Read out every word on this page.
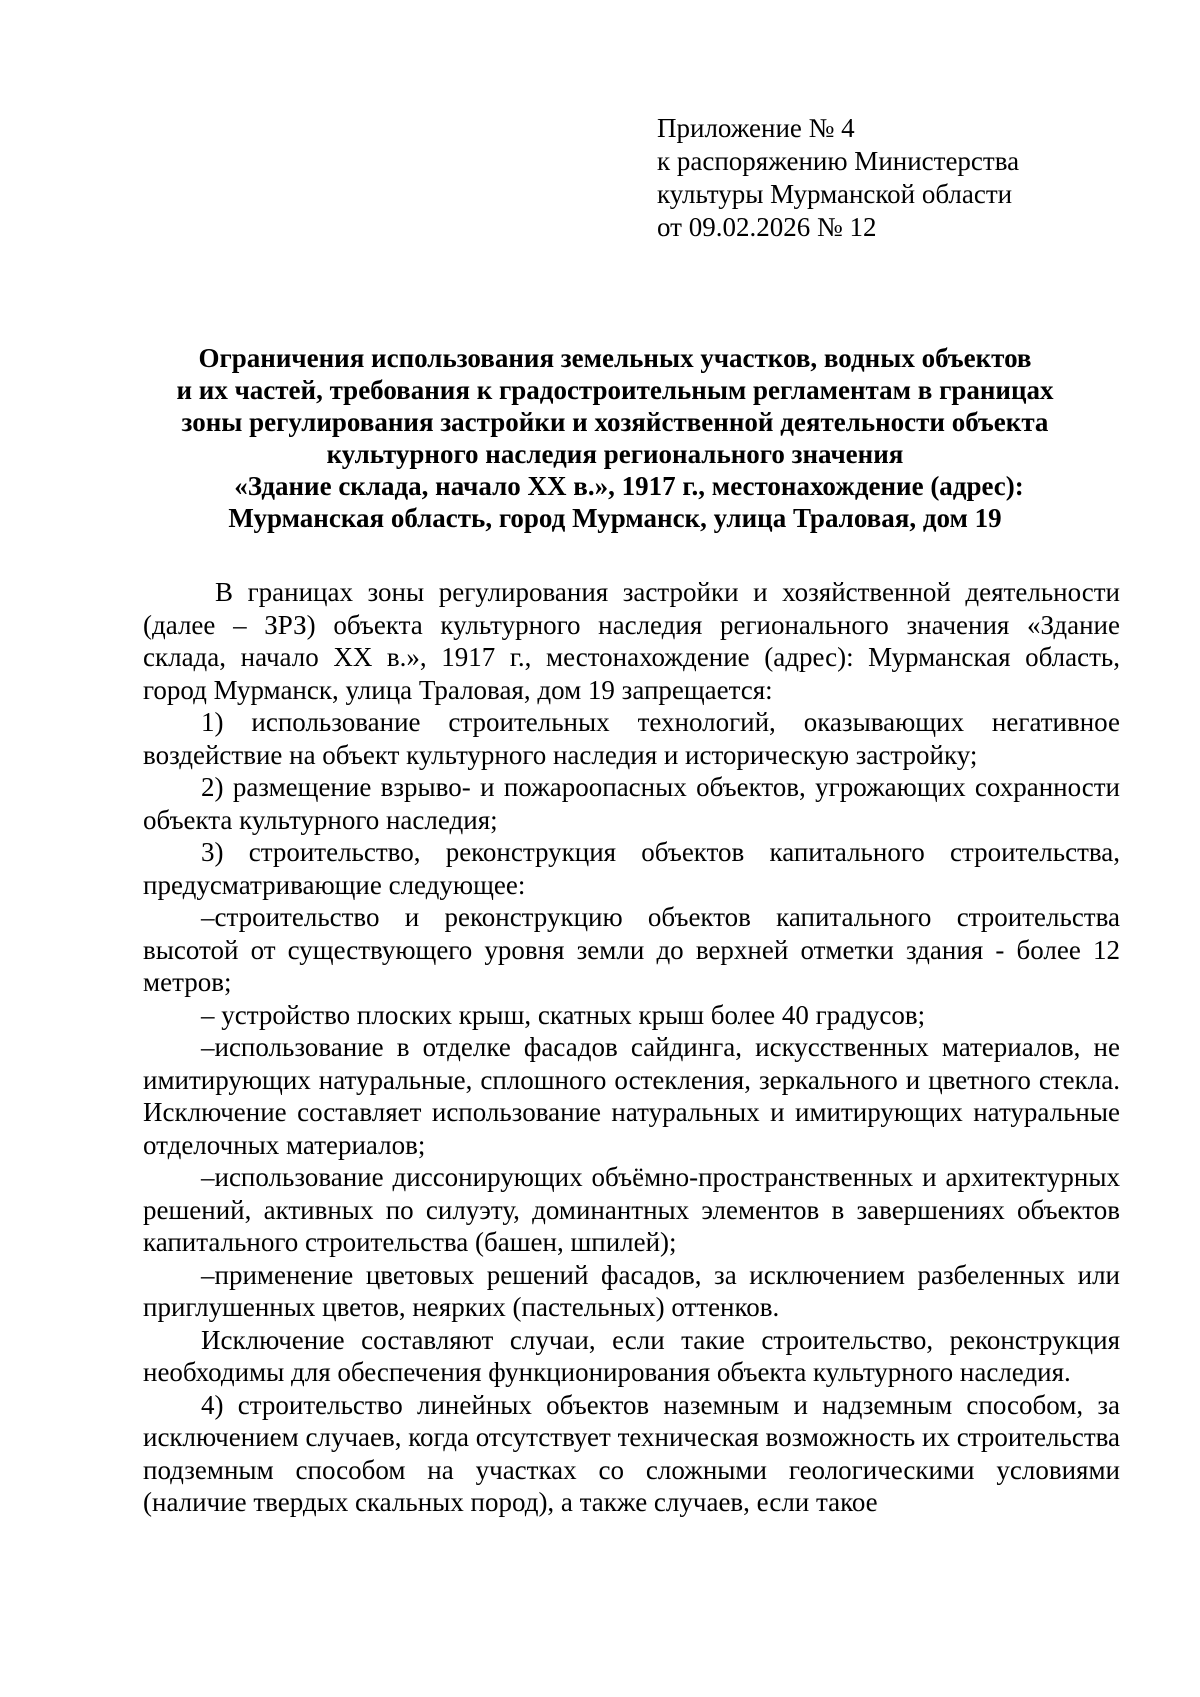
Приложение № 4
к распоряжению Министерства
культуры Мурманской области
от 09.02.2026 № 12
Ограничения использования земельных участков, водных объектов
и их частей, требования к градостроительным регламентам в границах
зоны регулирования застройки и хозяйственной деятельности объекта
культурного наследия регионального значения
«Здание склада, начало XX в.», 1917 г., местонахождение (адрес):
Мурманская область, город Мурманск, улица Траловая, дом 19

В границах зоны регулирования застройки и хозяйственной деятельности (далее – ЗРЗ) объекта культурного наследия регионального значения «Здание склада, начало XX в.», 1917 г., местонахождение (адрес): Мурманская область, город Мурманск, улица Траловая, дом 19 запрещается:

1) использование строительных технологий, оказывающих негативное воздействие на объект культурного наследия и историческую застройку;

2) размещение взрыво- и пожароопасных объектов, угрожающих сохранности объекта культурного наследия;

3) строительство, реконструкция объектов капитального строительства, предусматривающие следующее:

–строительство и реконструкцию объектов капитального строительства высотой от существующего уровня земли до верхней отметки здания - более 12 метров;

– устройство плоских крыш, скатных крыш более 40 градусов;

–использование в отделке фасадов сайдинга, искусственных материалов, не имитирующих натуральные, сплошного остекления, зеркального и цветного стекла. Исключение составляет использование натуральных и имитирующих натуральные отделочных материалов;

–использование диссонирующих объёмно-пространственных и архитектурных решений, активных по силуэту, доминантных элементов в завершениях объектов капитального строительства (башен, шпилей);

–применение цветовых решений фасадов, за исключением разбеленных или приглушенных цветов, неярких (пастельных) оттенков.

Исключение составляют случаи, если такие строительство, реконструкция необходимы для обеспечения функционирования объекта культурного наследия.

4) строительство линейных объектов наземным и надземным способом, за исключением случаев, когда отсутствует техническая возможность их строительства подземным способом на участках со сложными геологическими условиями (наличие твердых скальных пород), а также случаев, если такое
